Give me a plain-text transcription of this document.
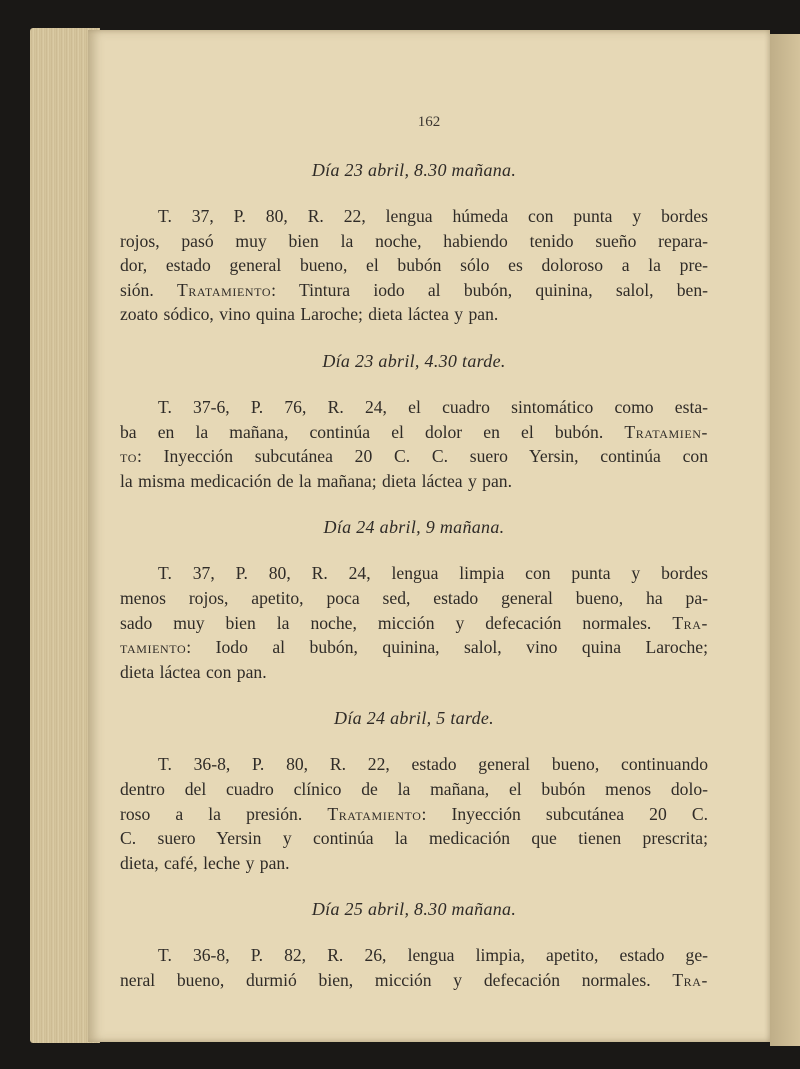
162

Día 23 abril, 8.30 mañana.

T. 37, P. 80, R. 22, lengua húmeda con punta y bordes
rojos, pasó muy bien la noche, habiendo tenido sueño repara-
dor, estado general bueno, el bubón sólo es doloroso a la pre-
sión. Tratamiento: Tintura iodo al bubón, quinina, salol, ben-
zoato sódico, vino quina Laroche; dieta láctea y pan.

Día 23 abril, 4.30 tarde.

T. 37-6, P. 76, R. 24, el cuadro sintomático como esta-
ba en la mañana, continúa el dolor en el bubón. Tratamien-
to: Inyección subcutánea 20 C. C. suero Yersin, continúa con
la misma medicación de la mañana; dieta láctea y pan.

Día 24 abril, 9 mañana.

T. 37, P. 80, R. 24, lengua limpia con punta y bordes
menos rojos, apetito, poca sed, estado general bueno, ha pa-
sado muy bien la noche, micción y defecación normales. Tra-
tamiento: Iodo al bubón, quinina, salol, vino quina Laroche;
dieta láctea con pan.

Día 24 abril, 5 tarde.

T. 36-8, P. 80, R. 22, estado general bueno, continuando
dentro del cuadro clínico de la mañana, el bubón menos dolo-
roso a la presión. Tratamiento: Inyección subcutánea 20 C.
C. suero Yersin y continúa la medicación que tienen prescrita;
dieta, café, leche y pan.

Día 25 abril, 8.30 mañana.

T. 36-8, P. 82, R. 26, lengua limpia, apetito, estado ge-
neral bueno, durmió bien, micción y defecación normales. Tra-
